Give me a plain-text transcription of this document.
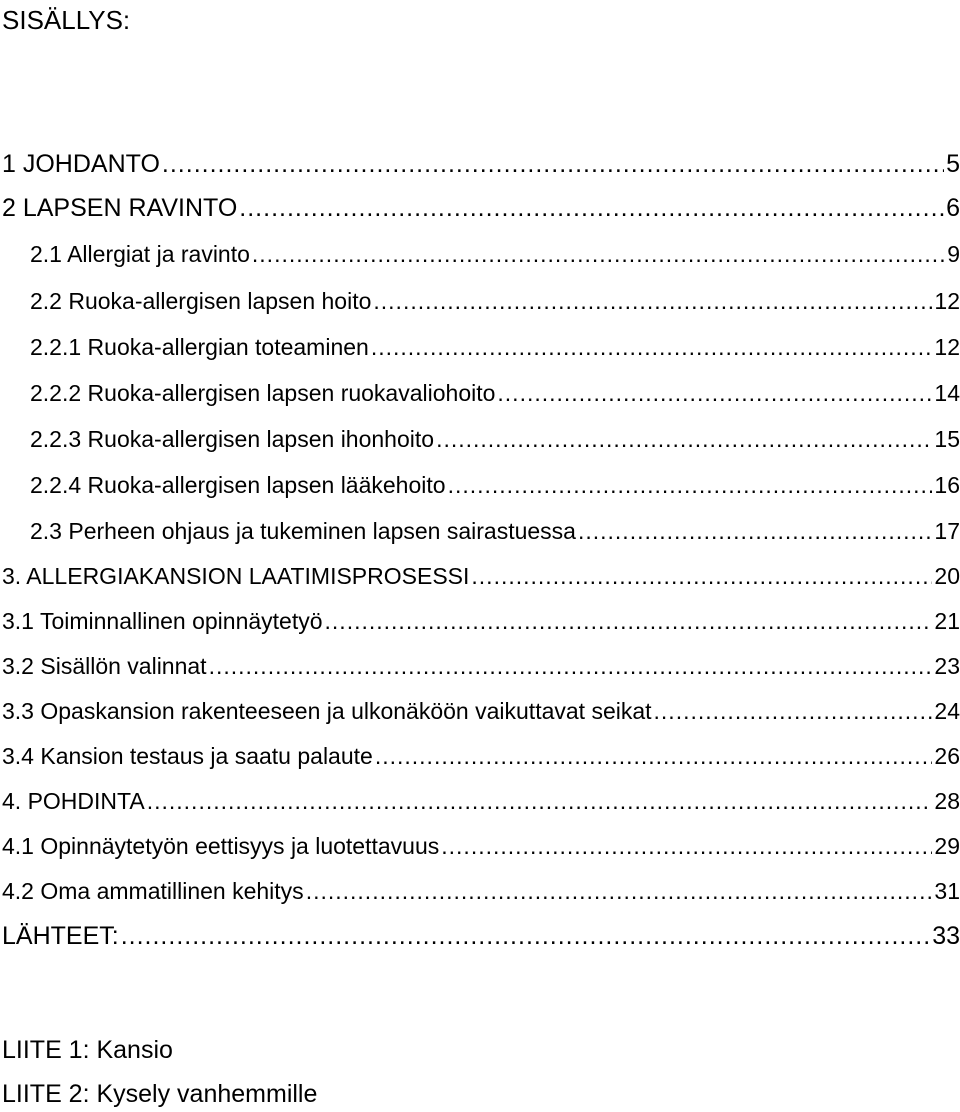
SISÄLLYS:
1 JOHDANTO .....	5
2 LAPSEN RAVINTO .....	6
2.1 Allergiat ja ravinto .....	9
2.2 Ruoka-allergisen lapsen hoito .....	12
2.2.1 Ruoka-allergian toteaminen .....	12
2.2.2 Ruoka-allergisen lapsen ruokavaliohoito .....	14
2.2.3 Ruoka-allergisen lapsen ihonhoito .....	15
2.2.4 Ruoka-allergisen lapsen lääkehoito .....	16
2.3 Perheen ohjaus ja tukeminen lapsen sairastuessa .....	17
3. ALLERGIAKANSION LAATIMISPROSESSI .....	20
3.1 Toiminnallinen opinnäytetyö .....	21
3.2 Sisällön valinnat .....	23
3.3 Opaskansion rakenteeseen ja ulkonäköön vaikuttavat seikat .....	24
3.4 Kansion testaus ja saatu palaute .....	26
4. POHDINTA .....	28
4.1 Opinnäytetyön eettisyys ja luotettavuus .....	29
4.2 Oma ammatillinen kehitys .....	31
LÄHTEET: .....	33
LIITE 1: Kansio
LIITE 2: Kysely vanhemmille
